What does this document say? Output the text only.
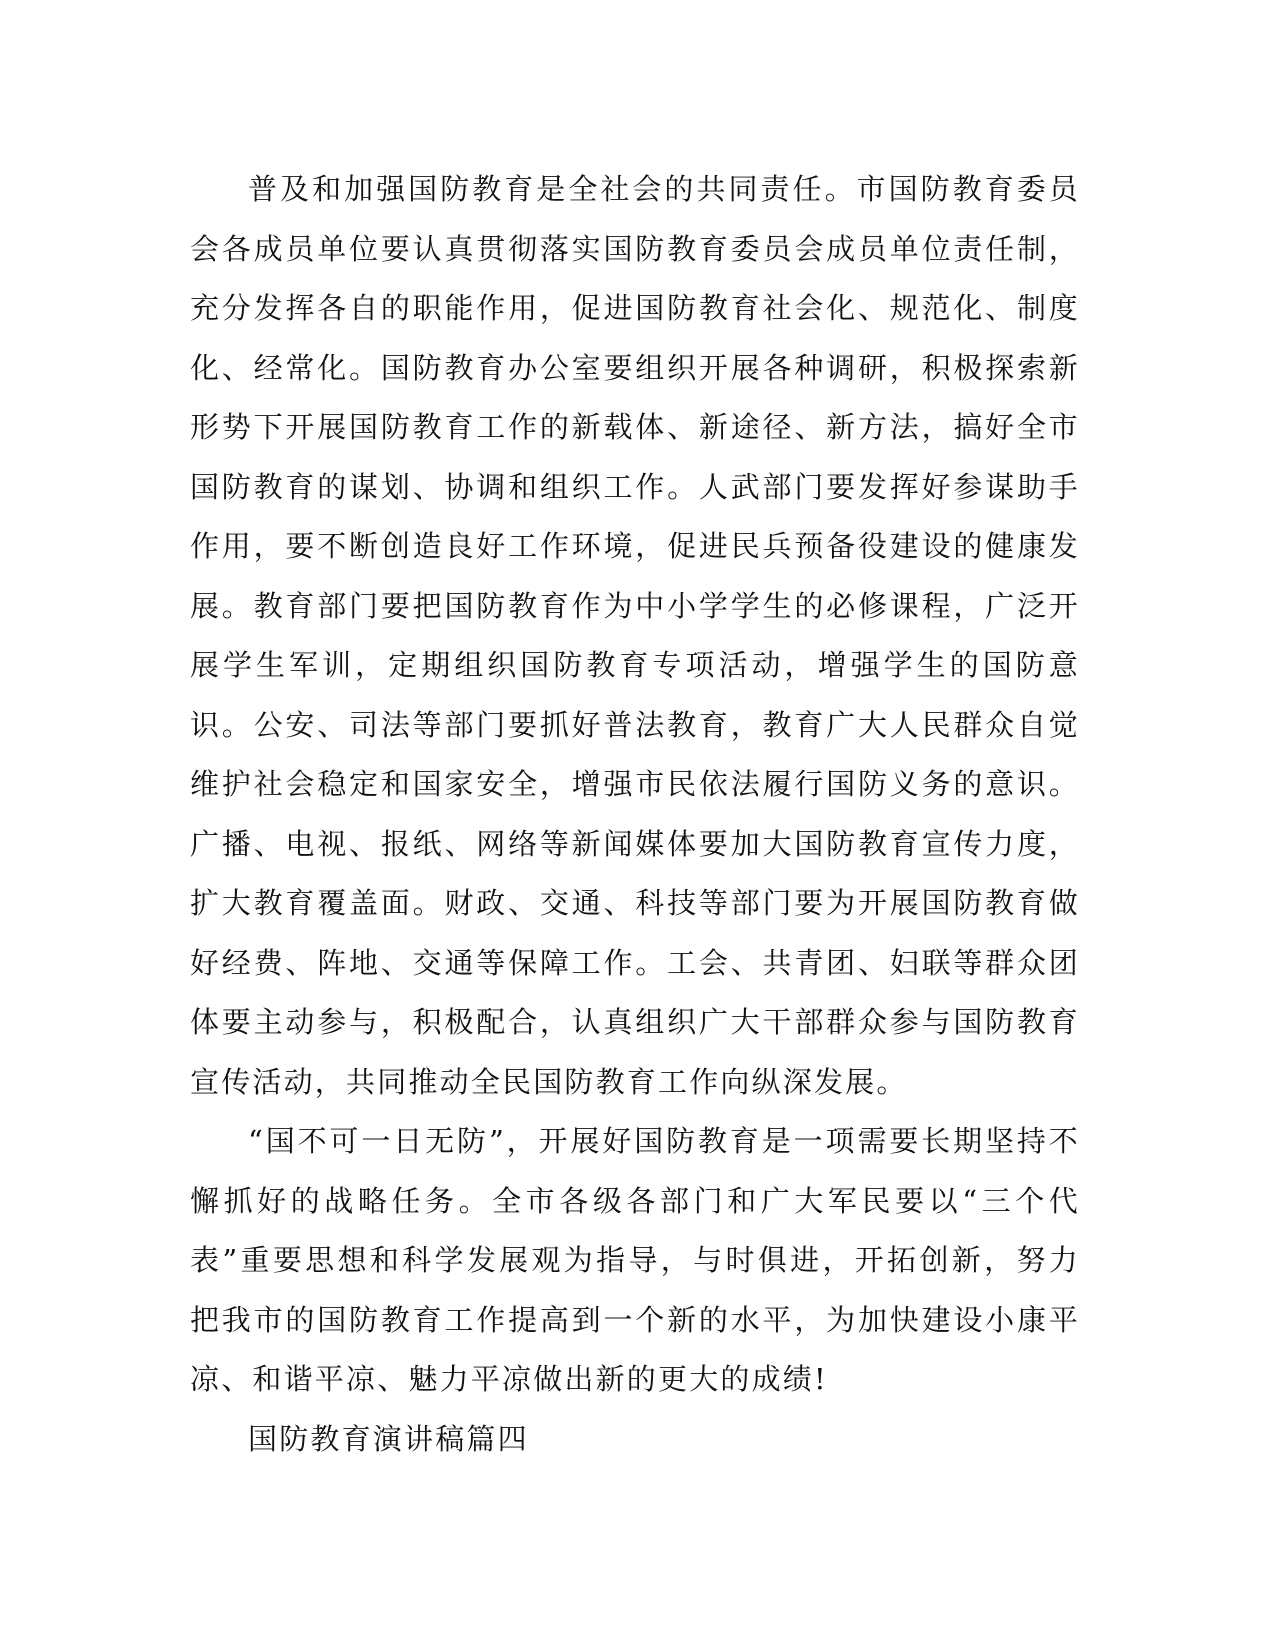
普及和加强国防教育是全社会的共同责任。市国防教育委员会各成员单位要认真贯彻落实国防教育委员会成员单位责任制，充分发挥各自的职能作用，促进国防教育社会化、规范化、制度化、经常化。国防教育办公室要组织开展各种调研，积极探索新形势下开展国防教育工作的新载体、新途径、新方法，搞好全市国防教育的谋划、协调和组织工作。人武部门要发挥好参谋助手作用，要不断创造良好工作环境，促进民兵预备役建设的健康发展。教育部门要把国防教育作为中小学学生的必修课程，广泛开展学生军训，定期组织国防教育专项活动，增强学生的国防意识。公安、司法等部门要抓好普法教育，教育广大人民群众自觉维护社会稳定和国家安全，增强市民依法履行国防义务的意识。广播、电视、报纸、网络等新闻媒体要加大国防教育宣传力度，扩大教育覆盖面。财政、交通、科技等部门要为开展国防教育做好经费、阵地、交通等保障工作。工会、共青团、妇联等群众团体要主动参与，积极配合，认真组织广大干部群众参与国防教育宣传活动，共同推动全民国防教育工作向纵深发展。

“国不可一日无防”，开展好国防教育是一项需要长期坚持不懈抓好的战略任务。全市各级各部门和广大军民要以“三个代表”重要思想和科学发展观为指导，与时俱进，开拓创新，努力把我市的国防教育工作提高到一个新的水平，为加快建设小康平凉、和谐平凉、魅力平凉做出新的更大的成绩!

国防教育演讲稿篇四
